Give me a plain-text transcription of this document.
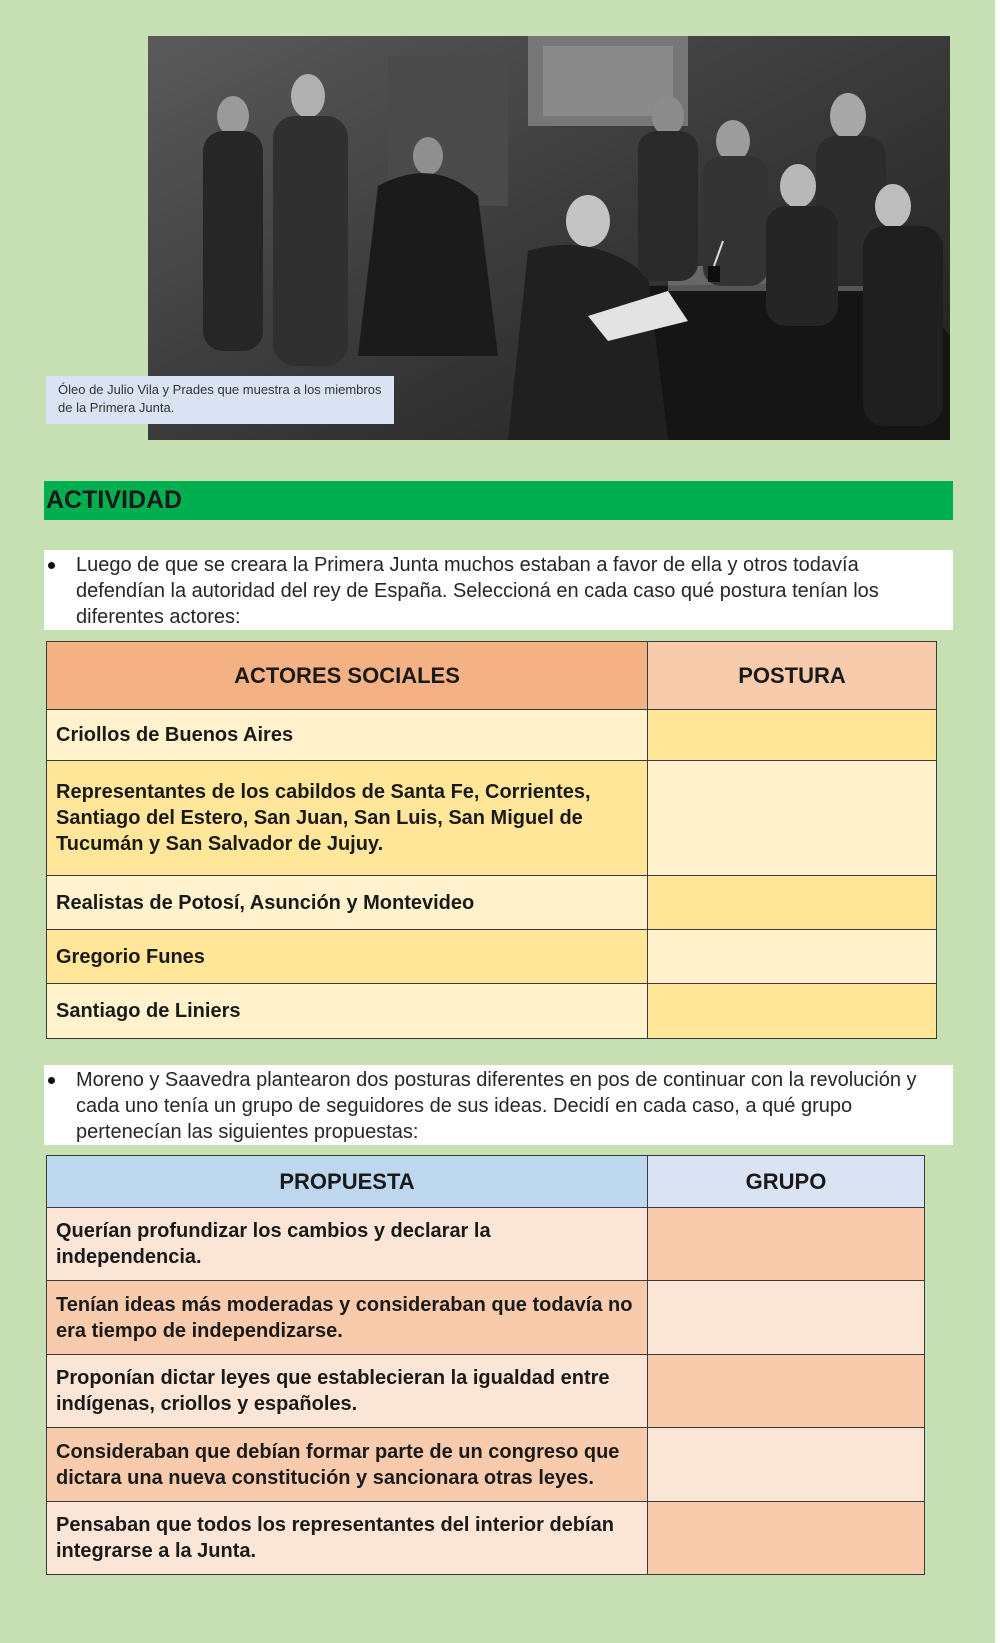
Óleo de Julio Vila y Prades que muestra a los miembros de la Primera Junta.
ACTIVIDAD
Luego de que se creara la Primera Junta muchos estaban a favor de ella y otros todavía defendían la autoridad del rey de España. Seleccioná en cada caso qué postura tenían los diferentes actores:
ACTORES SOCIALES	POSTURA
Criollos de Buenos Aires	
Representantes de los cabildos de Santa Fe, Corrientes, Santiago del Estero, San Juan, San Luis, San Miguel de Tucumán y San Salvador de Jujuy.	
Realistas de Potosí, Asunción y Montevideo	
Gregorio Funes	
Santiago de Liniers	
Moreno y Saavedra plantearon dos posturas diferentes en pos de continuar con la revolución y cada uno tenía un grupo de seguidores de sus ideas. Decidí en cada caso, a qué grupo pertenecían las siguientes propuestas:
PROPUESTA	GRUPO
Querían profundizar los cambios y declarar la independencia.	
Tenían ideas más moderadas y consideraban que todavía no era tiempo de independizarse.	
Proponían dictar leyes que establecieran la igualdad entre indígenas, criollos y españoles.	
Consideraban que debían formar parte de un congreso que dictara una nueva constitución y sancionara otras leyes.	
Pensaban que todos los representantes del interior debían integrarse a la Junta.	
